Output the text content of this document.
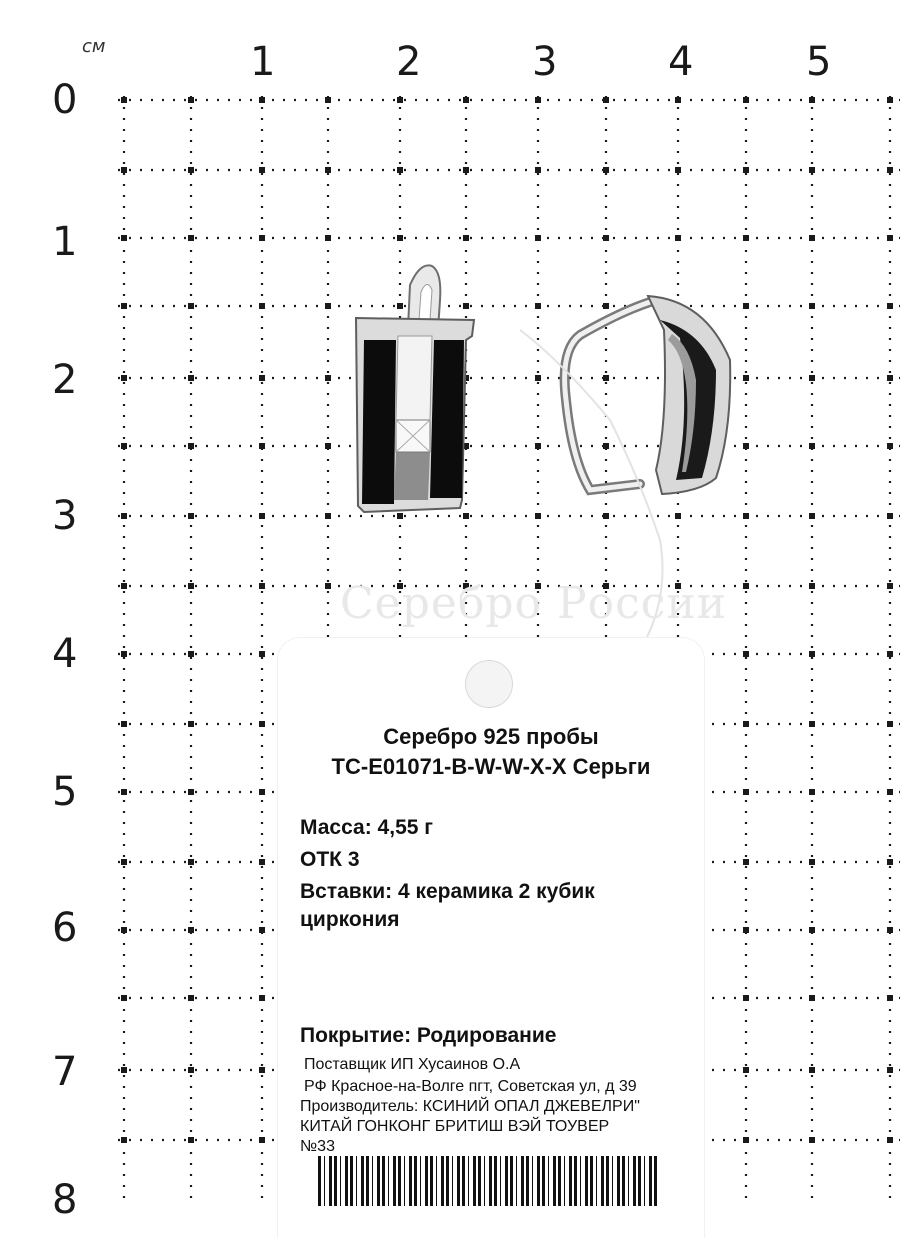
см	1	2	3	4	5
0
1
2
3
4
5
6
7
8
Серебро России
Серебро 925 пробы
TC-E01071-B-W-W-X-X Серьги
Масса: 4,55 г
ОТК 3
Вставки: 4 керамика 2 кубик
циркония
Покрытие: Родирование
Поставщик ИП Хусаинов О.А
РФ Красное-на-Волге пгт, Советская ул, д 39
Производитель: КСИНИЙ ОПАЛ ДЖЕВЕЛРИ"
КИТАЙ ГОНКОНГ БРИТИШ ВЭЙ ТОУВЕР
№33
